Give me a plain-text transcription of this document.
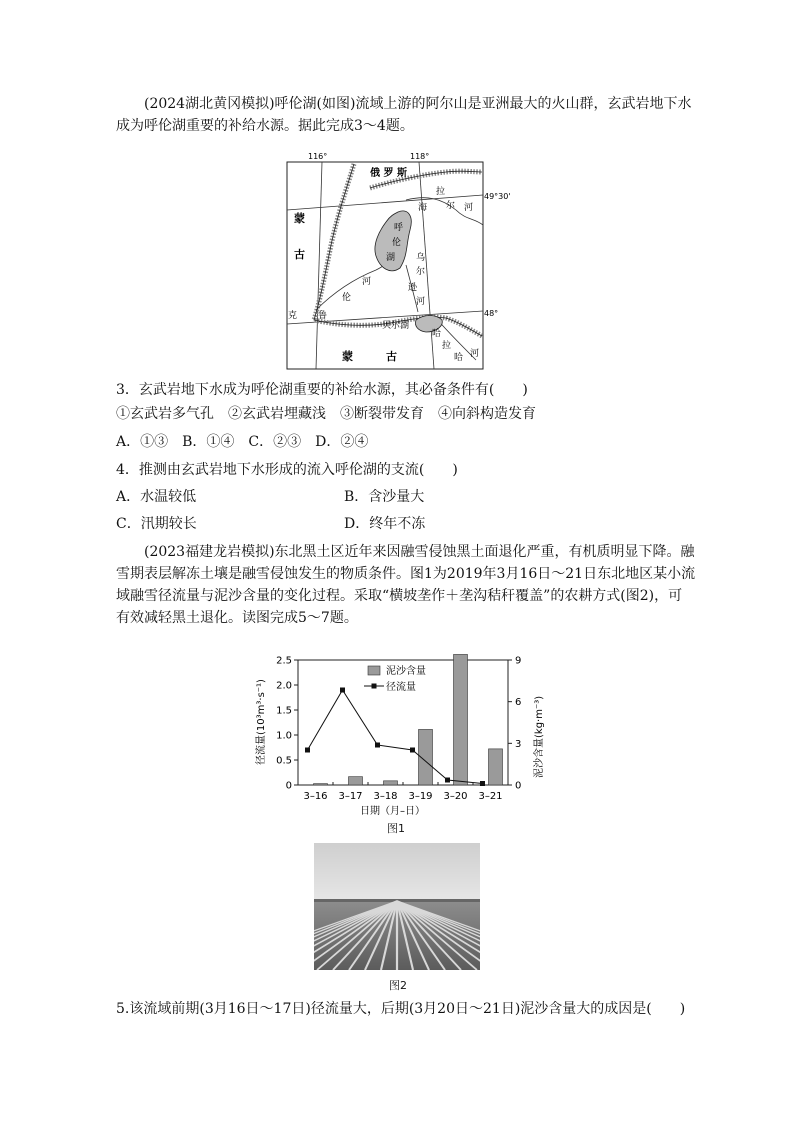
(2024湖北黄冈模拟)呼伦湖(如图)流域上游的阿尔山是亚洲最大的火山群，玄武岩地下水成为呼伦湖重要的补给水源。据此完成3～4题。
116°	118°
49°30'
48°
俄 罗 斯
蒙
古
蒙　　　古
呼
伦
湖
海
拉
尔 河
乌
尔
逊
河
克 鲁
伦
河
贝尔湖
哈
拉
哈 河
3．玄武岩地下水成为呼伦湖重要的补给水源，其必备条件有(　　)
①玄武岩多气孔　②玄武岩埋藏浅　③断裂带发育　④向斜构造发育
A．①③　B．①④　C．②③　D．②④
4．推测由玄武岩地下水形成的流入呼伦湖的支流(　　)
A．水温较低	B．含沙量大
C．汛期较长	D．终年不冻
(2023福建龙岩模拟)东北黑土区近年来因融雪侵蚀黑土面退化严重，有机质明显下降。融雪期表层解冻土壤是融雪侵蚀发生的物质条件。图1为2019年3月16日～21日东北地区某小流域融雪径流量与泥沙含量的变化过程。采取“横坡垄作＋垄沟秸秆覆盖”的农耕方式(图2)，可有效减轻黑土退化。读图完成5～7题。
0
0.5
1.0
1.5
2.0
2.5
0
3
6
9
3–16 3–17 3–18 3–19 3–20 3–21
径流量(10³m³·s⁻¹)	泥沙含量(kg·m⁻³)
日期（月–日）
泥沙含量
径流量
图1
图2
5.该流域前期(3月16日～17日)径流量大，后期(3月20日～21日)泥沙含量大的成因是(　　)
